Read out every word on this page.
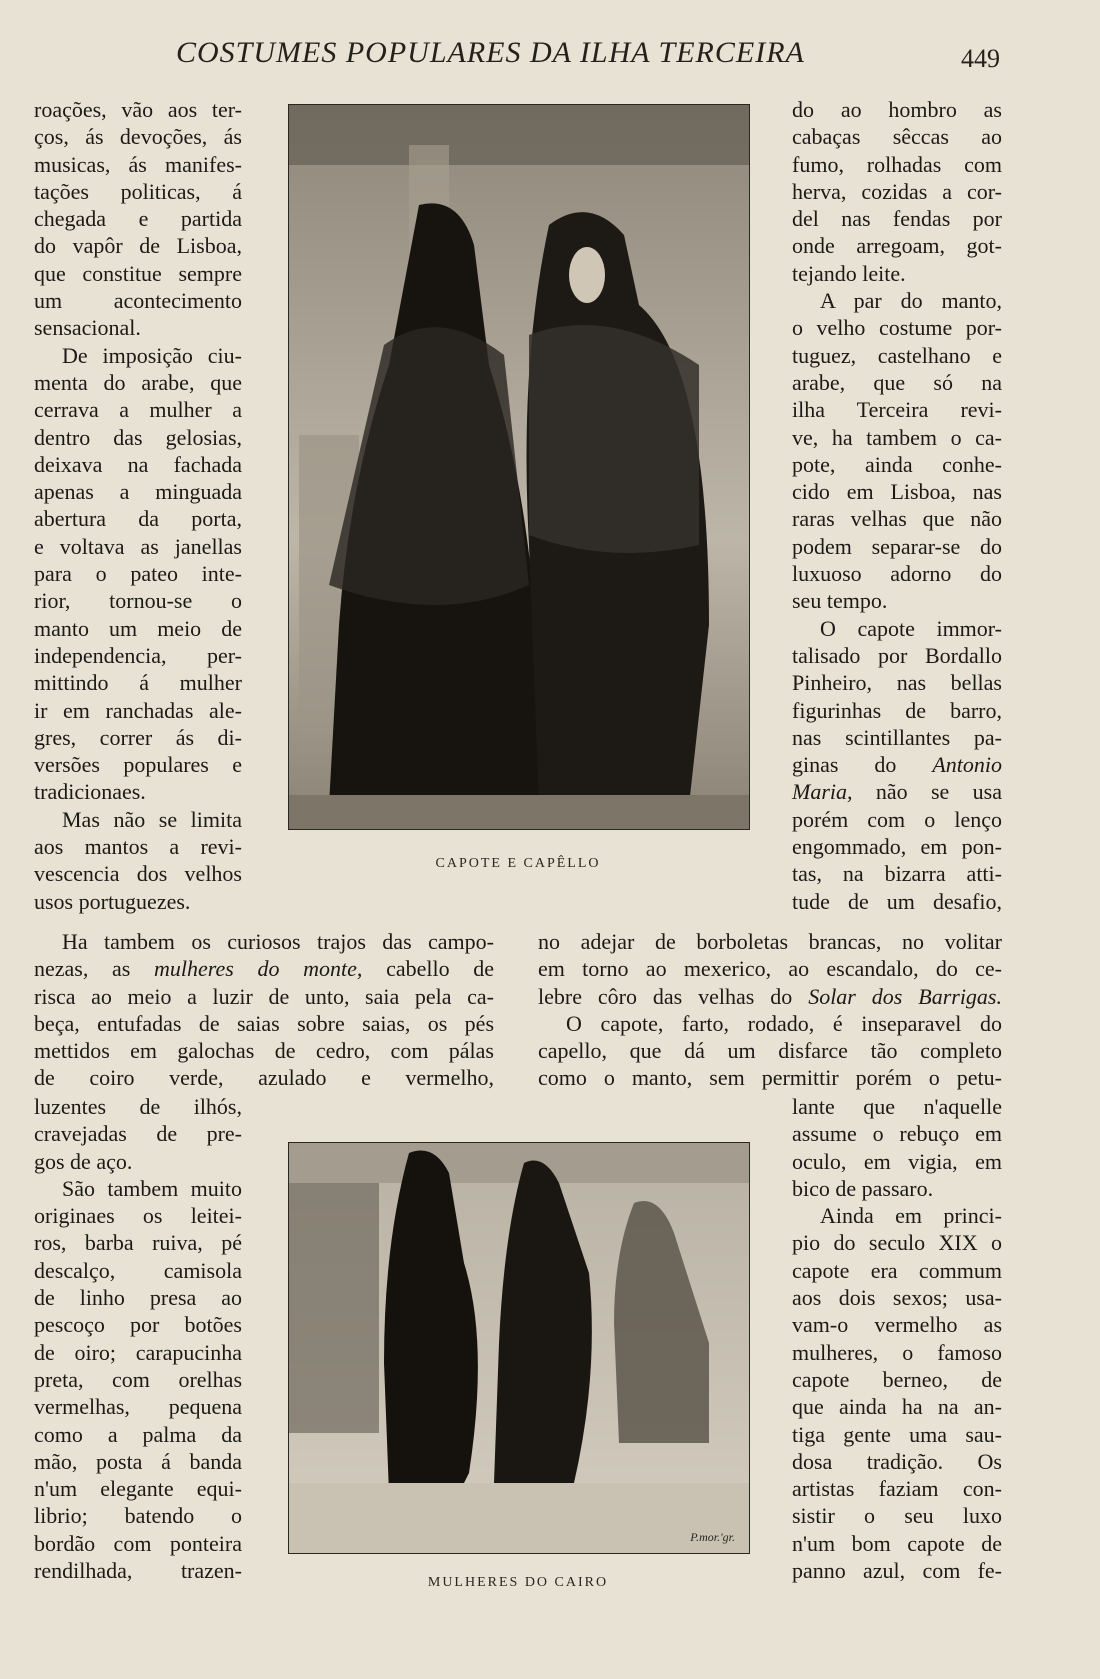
COSTUMES POPULARES DA ILHA TERCEIRA	449
roações, vão aos ter-
ços, ás devoções, ás
musicas, ás manifes-
tações politicas, á
chegada e partida
do vapôr de Lisboa,
que constitue sempre
um acontecimento
sensacional.
De imposição ciu-
menta do arabe, que
cerrava a mulher a
dentro das gelosias,
deixava na fachada
apenas a minguada
abertura da porta,
e voltava as janellas
para o pateo inte-
rior, tornou-se o
manto um meio de
independencia, per-
mittindo á mulher
ir em ranchadas ale-
gres, correr ás di-
versões populares e
tradicionaes.
Mas não se limita
aos mantos a revi-
vescencia dos velhos
usos portuguezes.
CAPOTE E CAPÊLLO
do ao hombro as
cabaças sêccas ao
fumo, rolhadas com
herva, cozidas a cor-
del nas fendas por
onde arregoam, got-
tejando leite.
A par do manto,
o velho costume por-
tuguez, castelhano e
arabe, que só na
ilha Terceira revi-
ve, ha tambem o ca-
pote, ainda conhe-
cido em Lisboa, nas
raras velhas que não
podem separar-se do
luxuoso adorno do
seu tempo.
O capote immor-
talisado por Bordallo
Pinheiro, nas bellas
figurinhas de barro,
nas scintillantes pa-
ginas do Antonio
Maria, não se usa
porém com o lenço
engommado, em pon-
tas, na bizarra atti-
tude de um desafio,
Ha tambem os curiosos trajos das campo-
nezas, as mulheres do monte, cabello de
risca ao meio a luzir de unto, saia pela ca-
beça, entufadas de saias sobre saias, os pés
mettidos em galochas de cedro, com pálas
de coiro verde, azulado e vermelho,
no adejar de borboletas brancas, no volitar
em torno ao mexerico, ao escandalo, do ce-
lebre côro das velhas do Solar dos Barrigas.
O capote, farto, rodado, é inseparavel do
capello, que dá um disfarce tão completo
como o manto, sem permittir porém o petu-
luzentes de ilhós,
cravejadas de pre-
gos de aço.
São tambem muito
originaes os leitei-
ros, barba ruiva, pé
descalço, camisola
de linho presa ao
pescoço por botões
de oiro; carapucinha
preta, com orelhas
vermelhas, pequena
como a palma da
mão, posta á banda
n'um elegante equi-
librio; batendo o
bordão com ponteira
rendilhada, trazen-
P.mor.'gr.
MULHERES DO CAIRO
lante que n'aquelle
assume o rebuço em
oculo, em vigia, em
bico de passaro.
Ainda em princi-
pio do seculo XIX o
capote era commum
aos dois sexos; usa-
vam-o vermelho as
mulheres, o famoso
capote berneo, de
que ainda ha na an-
tiga gente uma sau-
dosa tradição. Os
artistas faziam con-
sistir o seu luxo
n'um bom capote de
panno azul, com fe-
